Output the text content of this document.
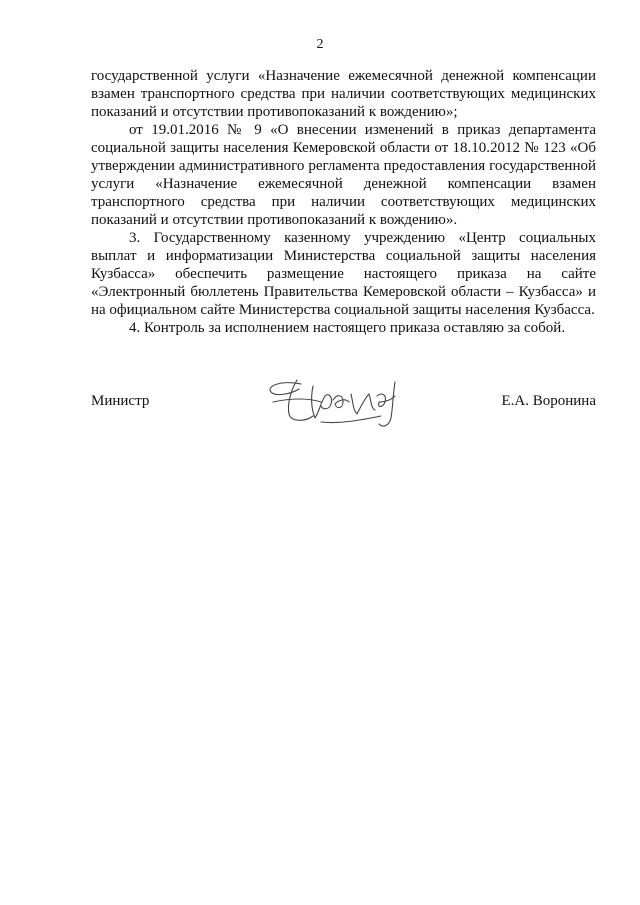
2

государственной услуги «Назначение ежемесячной денежной компенсации взамен транспортного средства при наличии соответствующих медицинских показаний и отсутствии противопоказаний к вождению»;

от 19.01.2016 № 9 «О внесении изменений в приказ департамента социальной защиты населения Кемеровской области от 18.10.2012 № 123 «Об утверждении административного регламента предоставления государственной услуги «Назначение ежемесячной денежной компенсации взамен транспортного средства при наличии соответствующих медицинских показаний и отсутствии противопоказаний к вождению».

3. Государственному казенному учреждению «Центр социальных выплат и информатизации Министерства социальной защиты населения Кузбасса» обеспечить размещение настоящего приказа на сайте «Электронный бюллетень Правительства Кемеровской области – Кузбасса» и на официальном сайте Министерства социальной защиты населения Кузбасса.

4. Контроль за исполнением настоящего приказа оставляю за собой.

Министр	Е.А. Воронина
